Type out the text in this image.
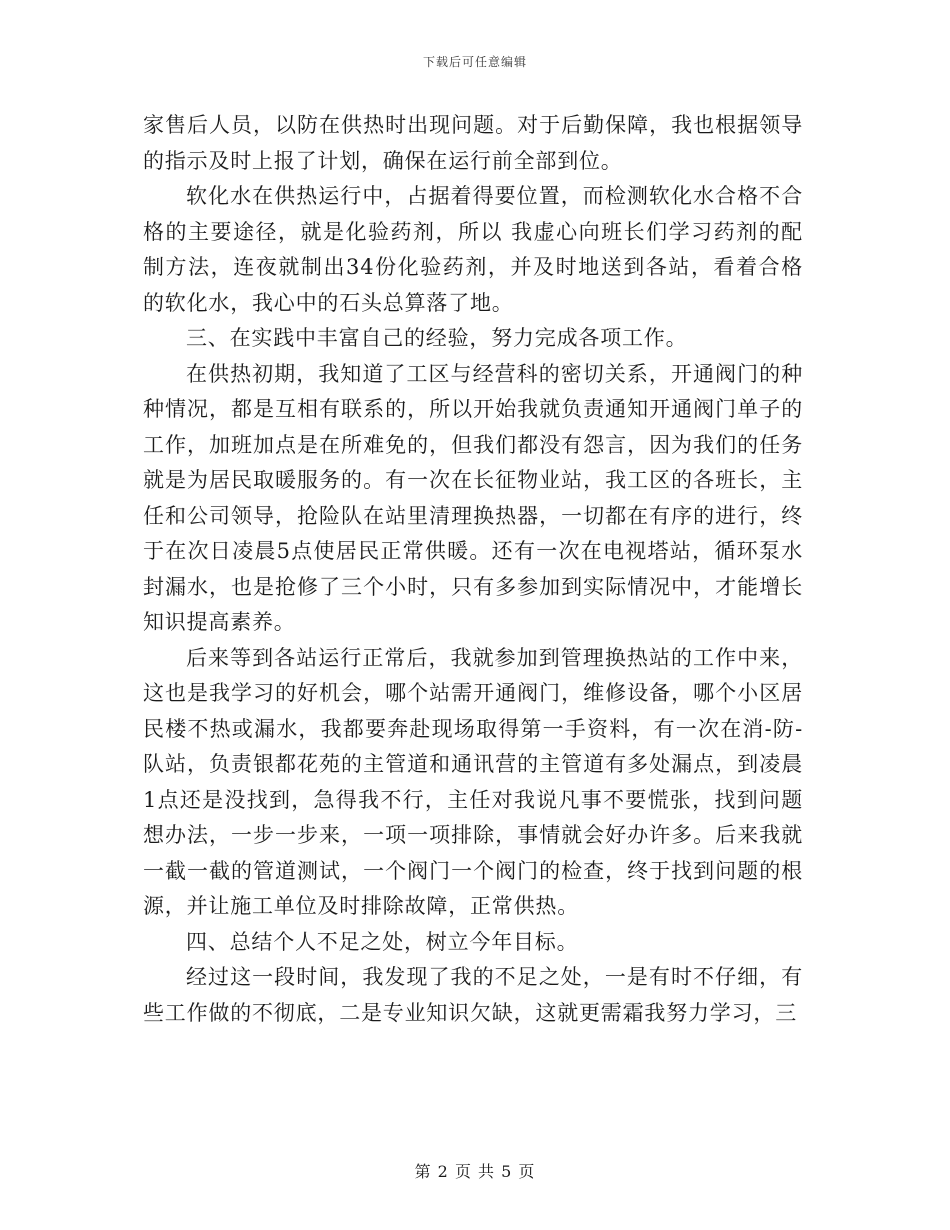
下载后可任意编辑

家售后人员，以防在供热时出现问题。对于后勤保障，我也根据领导的指示及时上报了计划，确保在运行前全部到位。

软化水在供热运行中，占据着得要位置，而检测软化水合格不合格的主要途径，就是化验药剂，所以 我虚心向班长们学习药剂的配制方法，连夜就制出34份化验药剂，并及时地送到各站，看着合格的软化水，我心中的石头总算落了地。

三、在实践中丰富自己的经验，努力完成各项工作。

在供热初期，我知道了工区与经营科的密切关系，开通阀门的种种情况，都是互相有联系的，所以开始我就负责通知开通阀门单子的工作，加班加点是在所难免的，但我们都没有怨言，因为我们的任务就是为居民取暖服务的。有一次在长征物业站，我工区的各班长，主任和公司领导，抢险队在站里清理换热器，一切都在有序的进行，终于在次日凌晨5点使居民正常供暖。还有一次在电视塔站，循环泵水封漏水，也是抢修了三个小时，只有多参加到实际情况中，才能增长知识提高素养。

后来等到各站运行正常后，我就参加到管理换热站的工作中来，这也是我学习的好机会，哪个站需开通阀门，维修设备，哪个小区居民楼不热或漏水，我都要奔赴现场取得第一手资料，有一次在消-防-队站，负责银都花苑的主管道和通讯营的主管道有多处漏点，到凌晨1点还是没找到，急得我不行，主任对我说凡事不要慌张，找到问题想办法，一步一步来，一项一项排除，事情就会好办许多。后来我就一截一截的管道测试，一个阀门一个阀门的检查，终于找到问题的根源，并让施工单位及时排除故障，正常供热。

四、总结个人不足之处，树立今年目标。

经过这一段时间，我发现了我的不足之处，一是有时不仔细，有些工作做的不彻底，二是专业知识欠缺，这就更需霜我努力学习，三

第 2 页 共 5 页
